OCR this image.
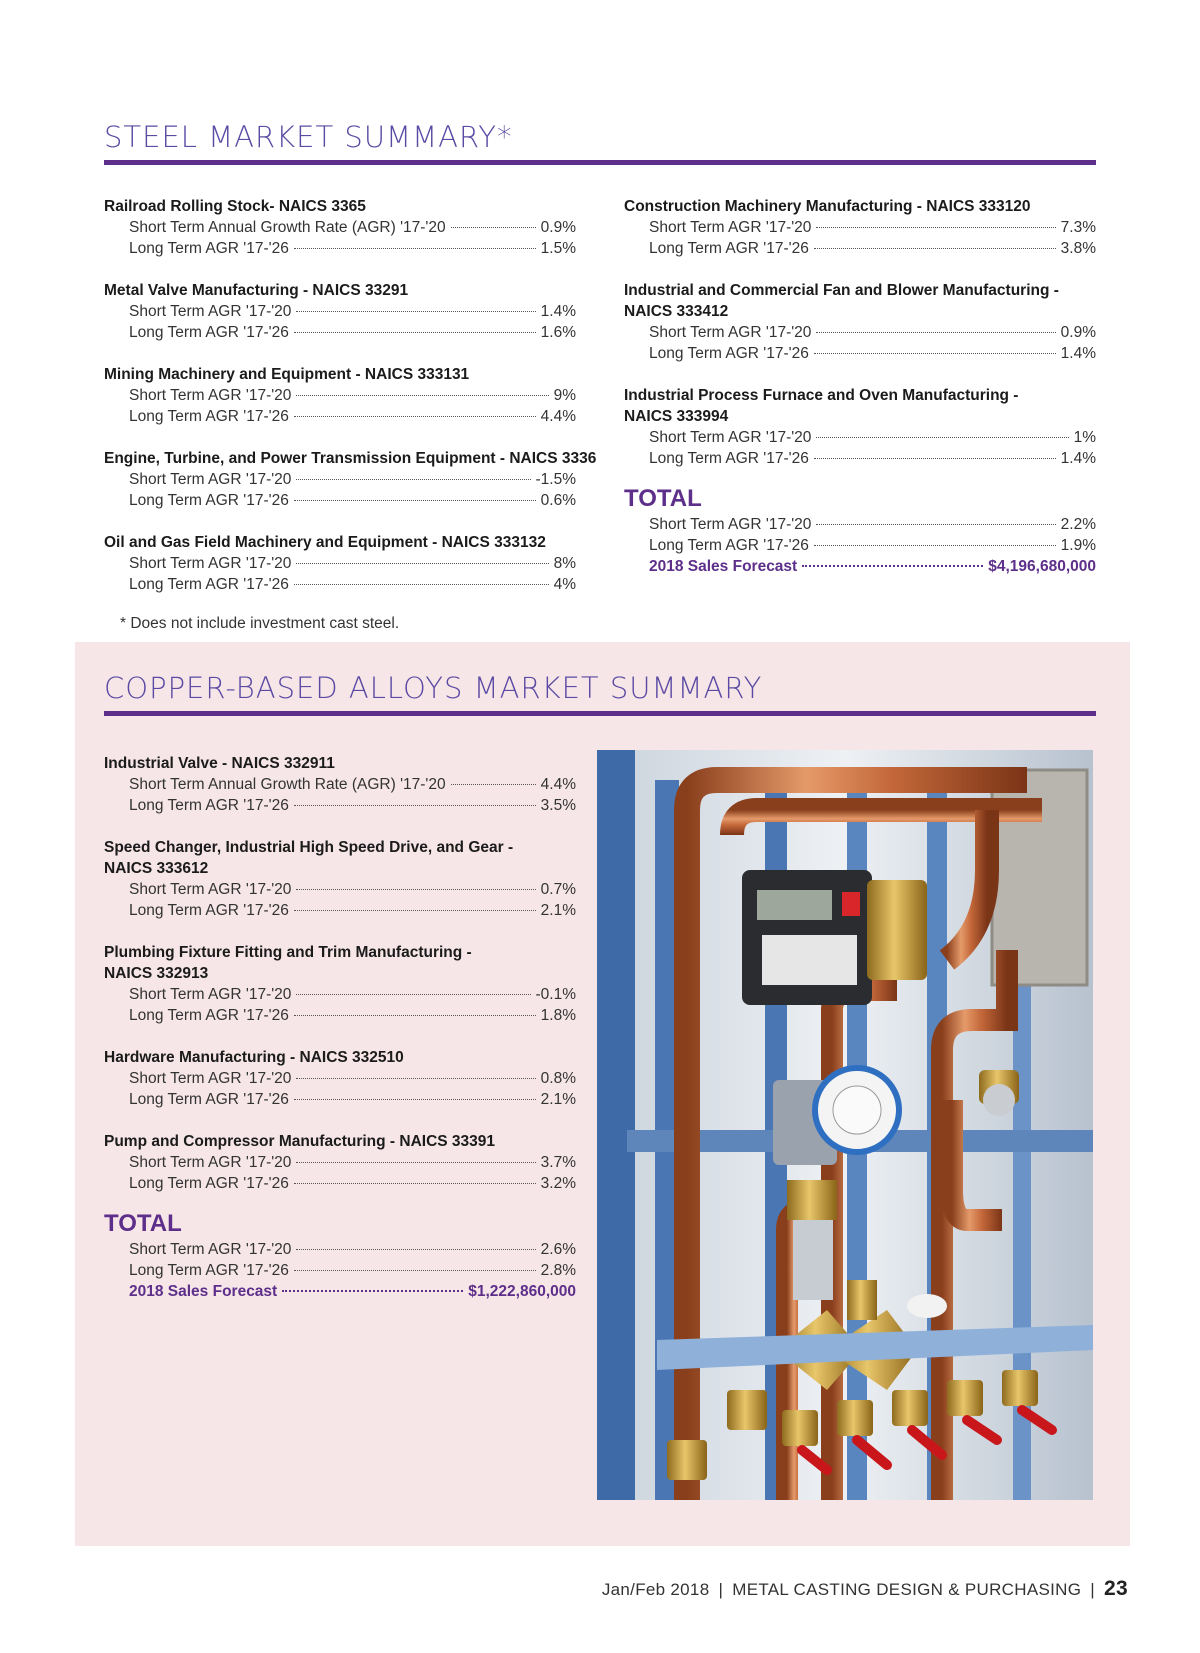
STEEL MARKET SUMMARY*
Railroad Rolling Stock- NAICS 3365
Short Term Annual Growth Rate (AGR) '17-'20	0.9%
Long Term AGR '17-'26	1.5%
Metal Valve Manufacturing - NAICS 33291
Short Term AGR '17-'20	1.4%
Long Term AGR '17-'26	1.6%
Mining Machinery and Equipment - NAICS 333131
Short Term AGR '17-'20	9%
Long Term AGR '17-'26	4.4%
Engine, Turbine, and Power Transmission Equipment - NAICS 3336
Short Term AGR '17-'20	-1.5%
Long Term AGR '17-'26	0.6%
Oil and Gas Field Machinery and Equipment - NAICS 333132
Short Term AGR '17-'20	8%
Long Term AGR '17-'26	4%
Construction Machinery Manufacturing - NAICS 333120
Short Term AGR '17-'20	7.3%
Long Term AGR '17-'26	3.8%
Industrial and Commercial Fan and Blower Manufacturing - NAICS 333412
Short Term AGR '17-'20	0.9%
Long Term AGR '17-'26	1.4%
Industrial Process Furnace and Oven Manufacturing - NAICS 333994
Short Term AGR '17-'20	1%
Long Term AGR '17-'26	1.4%
TOTAL
Short Term AGR '17-'20	2.2%
Long Term AGR '17-'26	1.9%
2018 Sales Forecast	$4,196,680,000
* Does not include investment cast steel.
COPPER-BASED ALLOYS MARKET SUMMARY
Industrial Valve - NAICS 332911
Short Term Annual Growth Rate (AGR) '17-'20	4.4%
Long Term AGR '17-'26	3.5%
Speed Changer, Industrial High Speed Drive, and Gear - NAICS 333612
Short Term AGR '17-'20	0.7%
Long Term AGR '17-'26	2.1%
Plumbing Fixture Fitting and Trim Manufacturing - NAICS 332913
Short Term AGR '17-'20	-0.1%
Long Term AGR '17-'26	1.8%
Hardware Manufacturing - NAICS 332510
Short Term AGR '17-'20	0.8%
Long Term AGR '17-'26	2.1%
Pump and Compressor Manufacturing - NAICS 33391
Short Term AGR '17-'20	3.7%
Long Term AGR '17-'26	3.2%
TOTAL
Short Term AGR '17-'20	2.6%
Long Term AGR '17-'26	2.8%
2018 Sales Forecast	$1,222,860,000
Jan/Feb 2018 | METAL CASTING DESIGN & PURCHASING | 23
